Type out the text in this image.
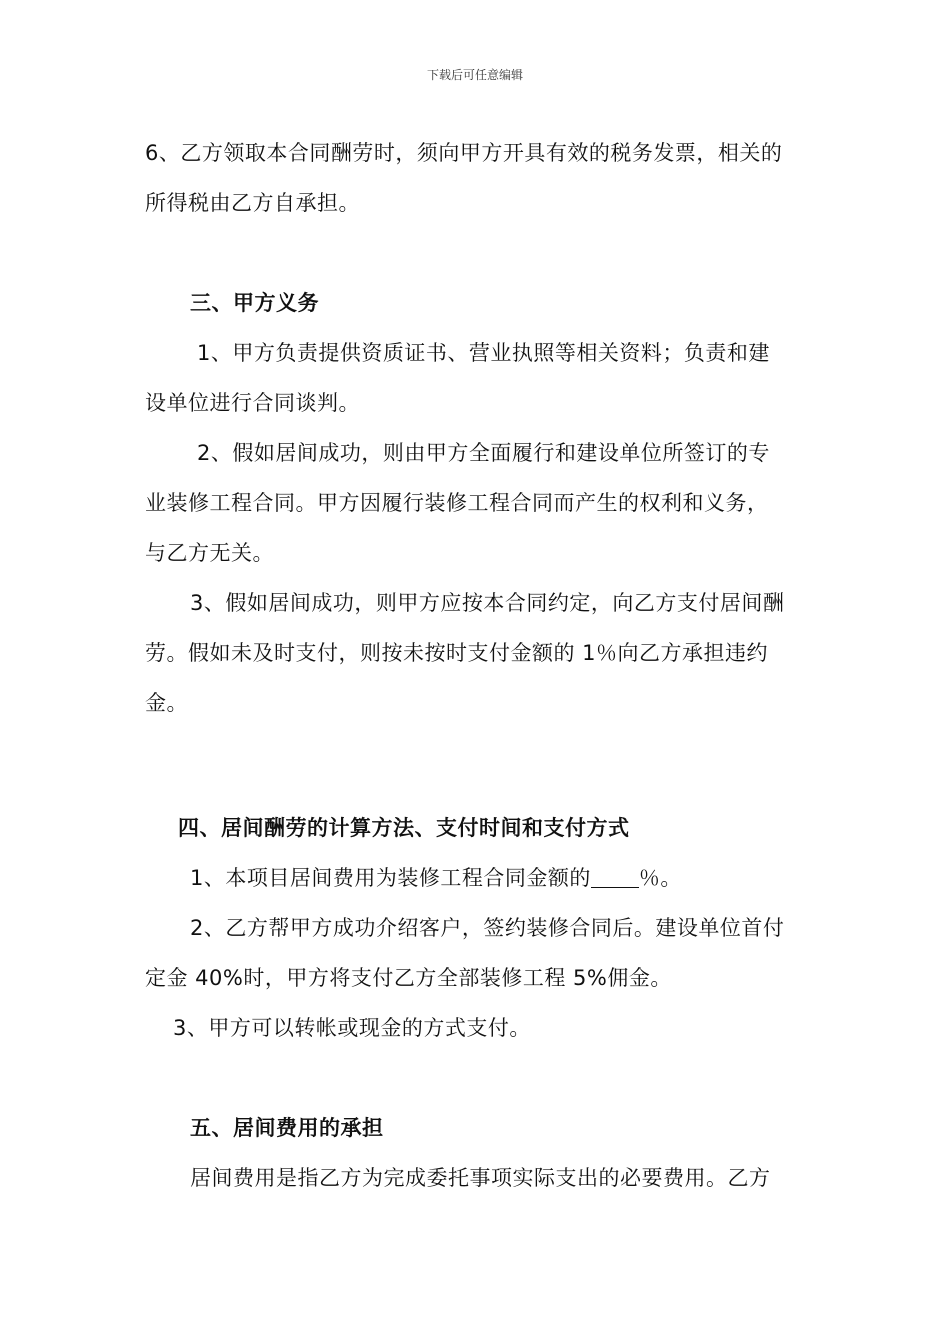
下载后可任意编辑
6、乙方领取本合同酬劳时，须向甲方开具有效的税务发票，相关的
所得税由乙方自承担。
三、甲方义务
1、甲方负责提供资质证书、营业执照等相关资料；负责和建
设单位进行合同谈判。
2、假如居间成功，则由甲方全面履行和建设单位所签订的专
业装修工程合同。甲方因履行装修工程合同而产生的权利和义务，
与乙方无关。
3、假如居间成功，则甲方应按本合同约定，向乙方支付居间酬
劳。假如未及时支付，则按未按时支付金额的 1％向乙方承担违约
金。
四、居间酬劳的计算方法、支付时间和支付方式
1、本项目居间费用为装修工程合同金额的 ％。
2、乙方帮甲方成功介绍客户，签约装修合同后。建设单位首付
定金 40%时，甲方将支付乙方全部装修工程 5%佣金。
3、甲方可以转帐或现金的方式支付。
五、居间费用的承担
居间费用是指乙方为完成委托事项实际支出的必要费用。乙方
